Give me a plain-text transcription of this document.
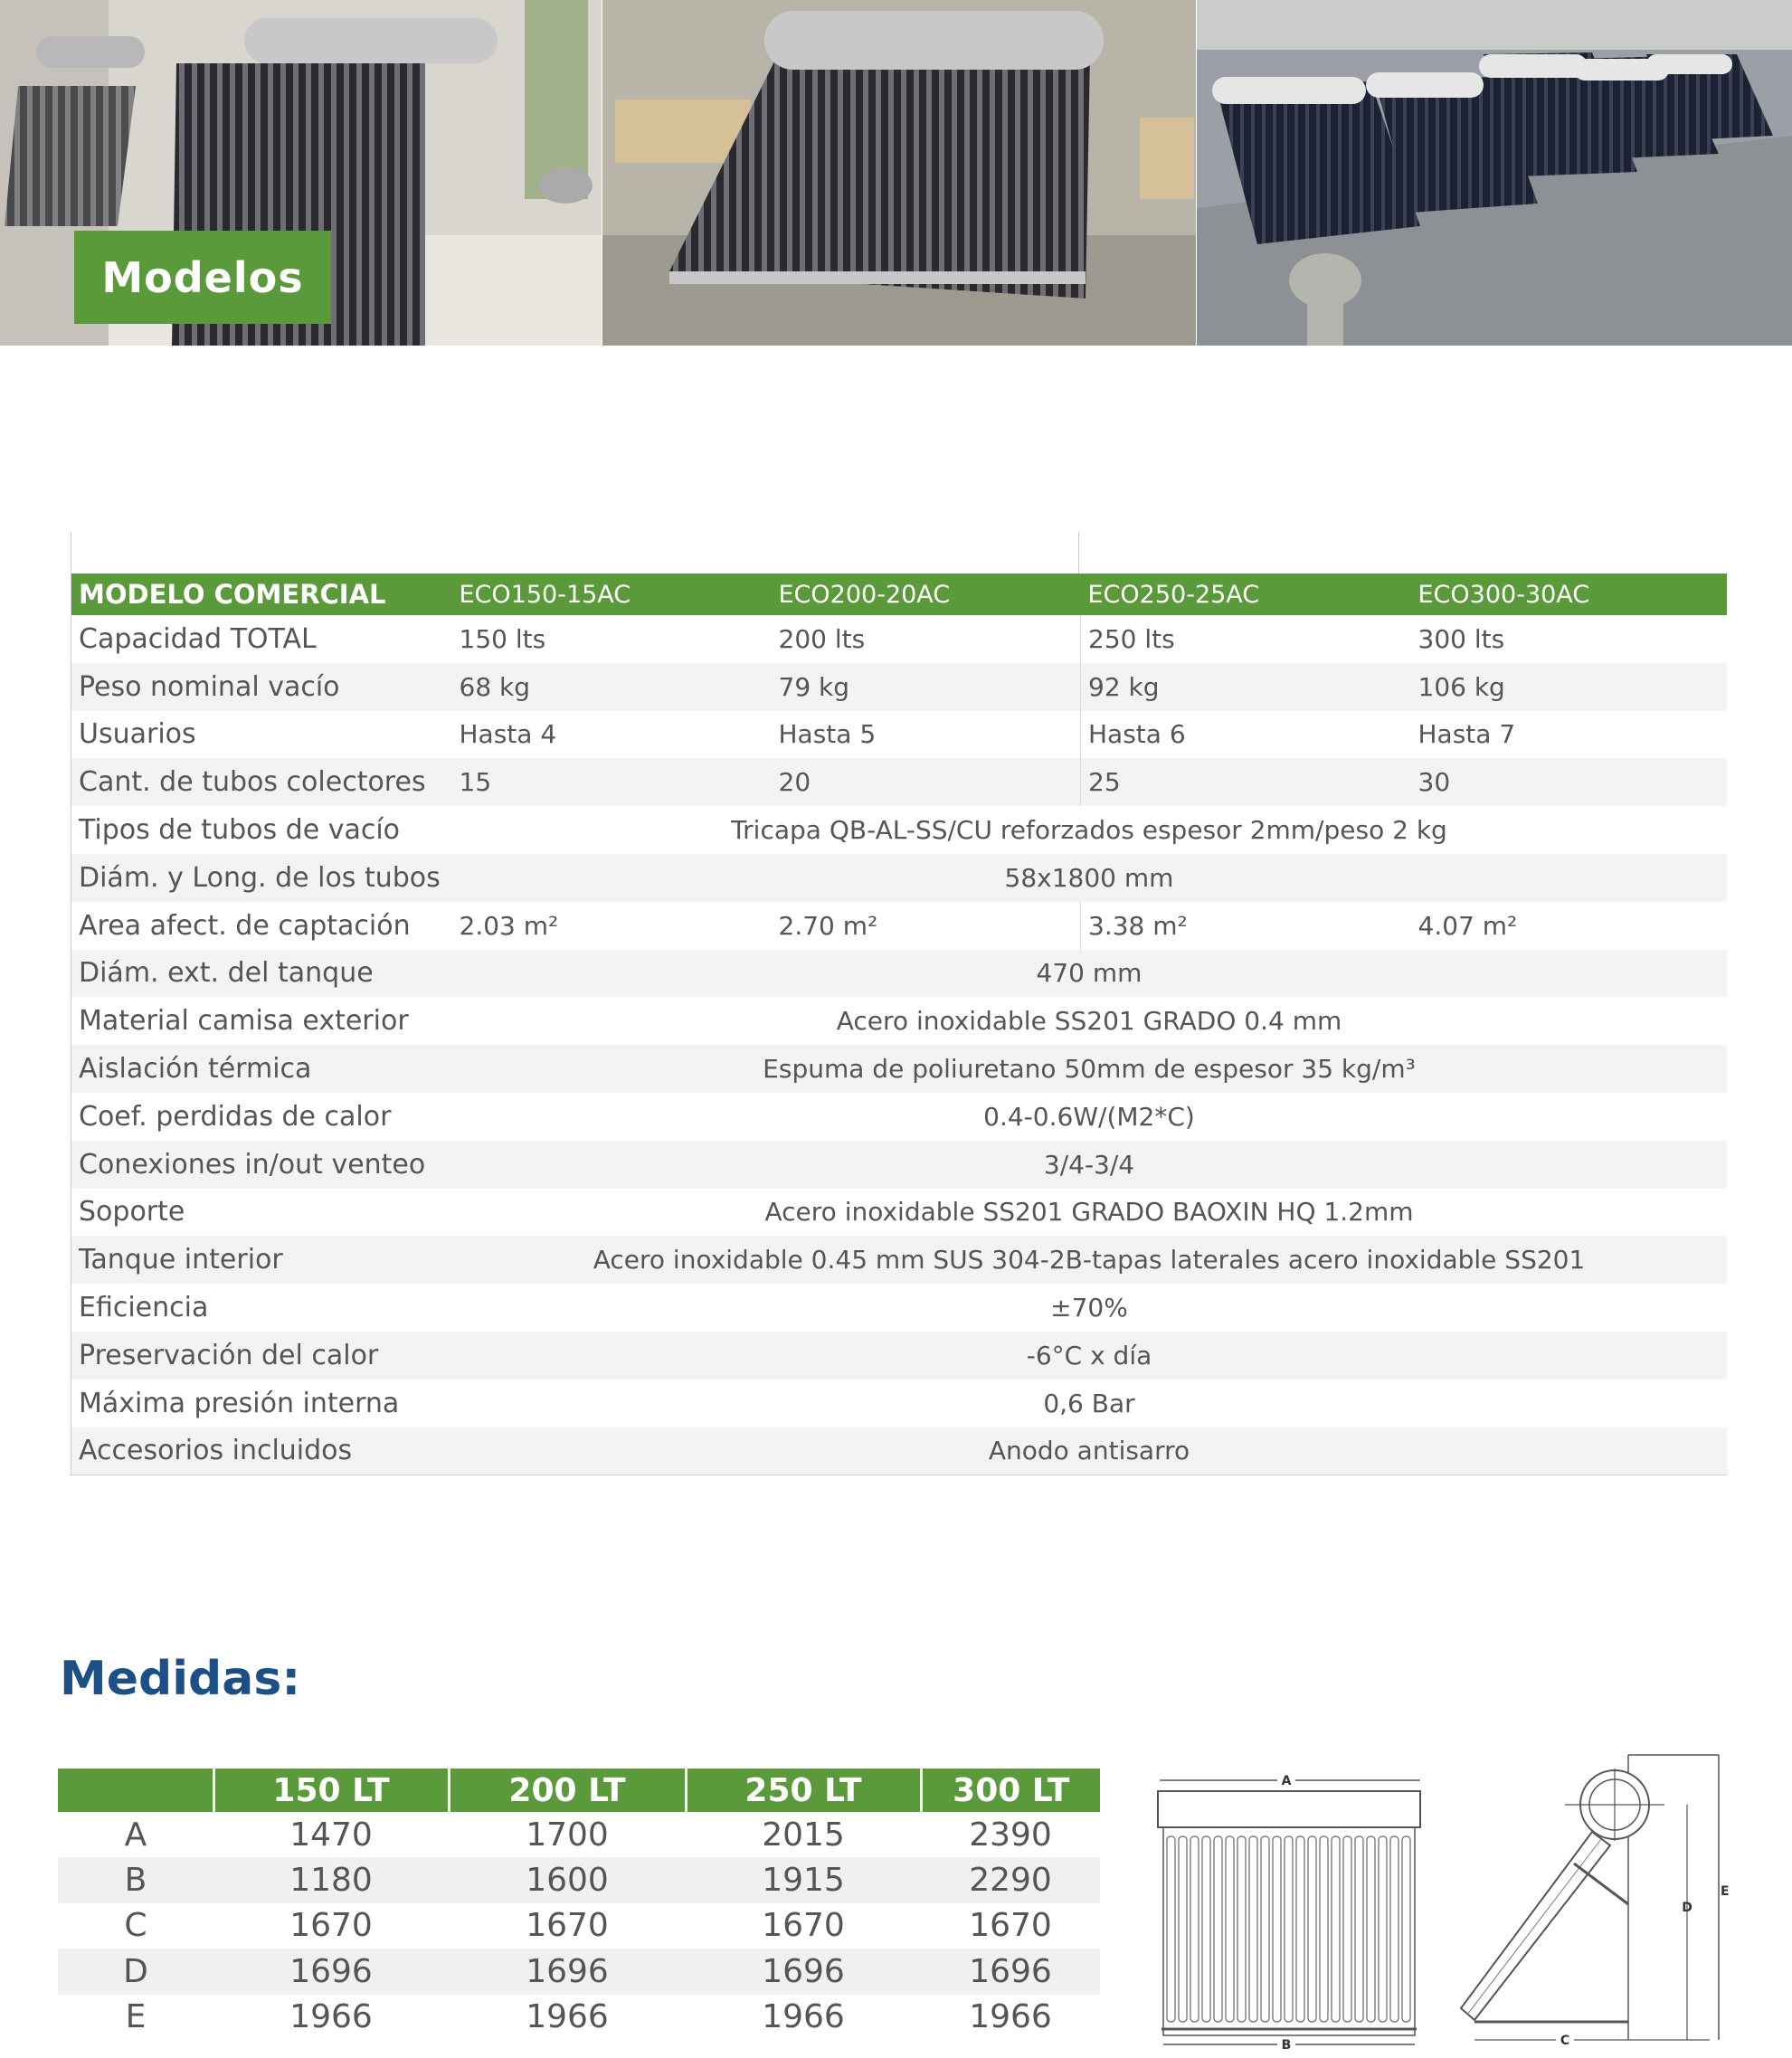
Modelos
MODELO COMERCIAL	ECO150-15AC	ECO200-20AC	ECO250-25AC	ECO300-30AC
Capacidad TOTAL	150 lts	200 lts	250 lts	300 lts
Peso nominal vacío	68 kg	79 kg	92 kg	106 kg
Usuarios	Hasta 4	Hasta 5	Hasta 6	Hasta 7
Cant. de tubos colectores	15	20	25	30
Tipos de tubos de vacío	Tricapa QB-AL-SS/CU reforzados espesor 2mm/peso 2 kg			
Diám. y Long. de los tubos	58x1800 mm			
Area afect. de captación	2.03 m²	2.70 m²	3.38 m²	4.07 m²
Diám. ext. del tanque	470 mm			
Material camisa exterior	Acero inoxidable SS201 GRADO 0.4 mm			
Aislación térmica	Espuma de poliuretano 50mm de espesor 35 kg/m³			
Coef. perdidas de calor	0.4-0.6W/(M2*C)			
Conexiones in/out venteo	3/4-3/4			
Soporte	Acero inoxidable SS201 GRADO BAOXIN HQ 1.2mm			
Tanque interior	Acero inoxidable 0.45 mm SUS 304-2B-tapas laterales acero inoxidable SS201			
Eficiencia	±70%			
Preservación del calor	-6°C x día			
Máxima presión interna	0,6 Bar			
Accesorios incluidos	Anodo antisarro			
Medidas:
	150 LT	200 LT	250 LT	300 LT
A	1470	1700	2015	2390
B	1180	1600	1915	2290
C	1670	1670	1670	1670
D	1696	1696	1696	1696
E	1966	1966	1966	1966
A
B
E
D
C
